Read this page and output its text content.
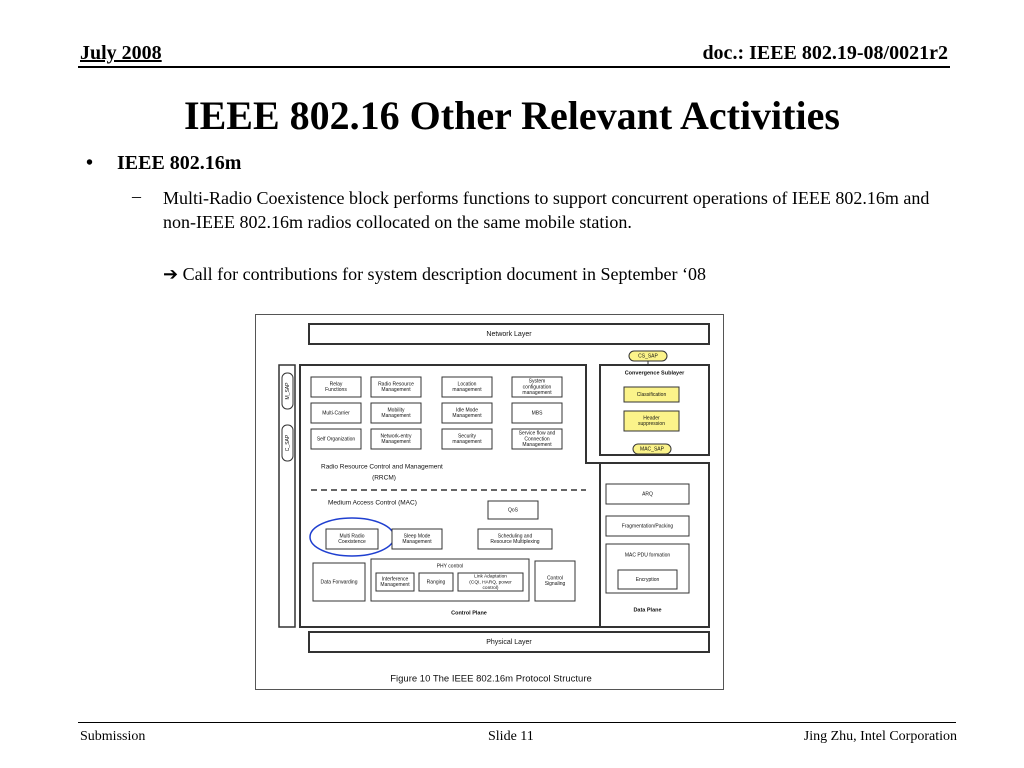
July 2008	doc.: IEEE 802.19-08/0021r2
IEEE 802.16 Other Relevant Activities
• IEEE 802.16m
– Multi-Radio Coexistence block performs functions to support concurrent operations of IEEE 802.16m and non-IEEE 802.16m radios collocated on the same mobile station.
➔ Call for contributions for system description document in September ‘08
Network Layer
M_SAP
C_SAP
Convergence Sublayer
Classification
Header
suppression
CS_SAP
MAC_SAP
Relay
Functions
Radio Resource
Management
Location
management
System
configuration
management
Multi-Carrier	Mobility
Management
Idle Mode
Management	MBS
Self Organization	Network-entry
Management
Security
management
Service flow and
Connection
Management
Radio Resource Control and Management
(RRCM)
Medium Access Control (MAC)
QoS
Multi Radio
Coexistence
Sleep Mode
Management
Scheduling and
Resource Multiplexing
Data Forwarding
PHY control
Interference
Management	Ranging
Link Adaptation
(CQI, HARQ, power
control)
Control
Signaling
Control Plane
ARQ
Fragmentation/Packing
MAC PDU formation
Encryption
Data Plane
Physical Layer
Figure 10 The IEEE 802.16m Protocol Structure
Submission	Slide 11	Jing Zhu, Intel Corporation
